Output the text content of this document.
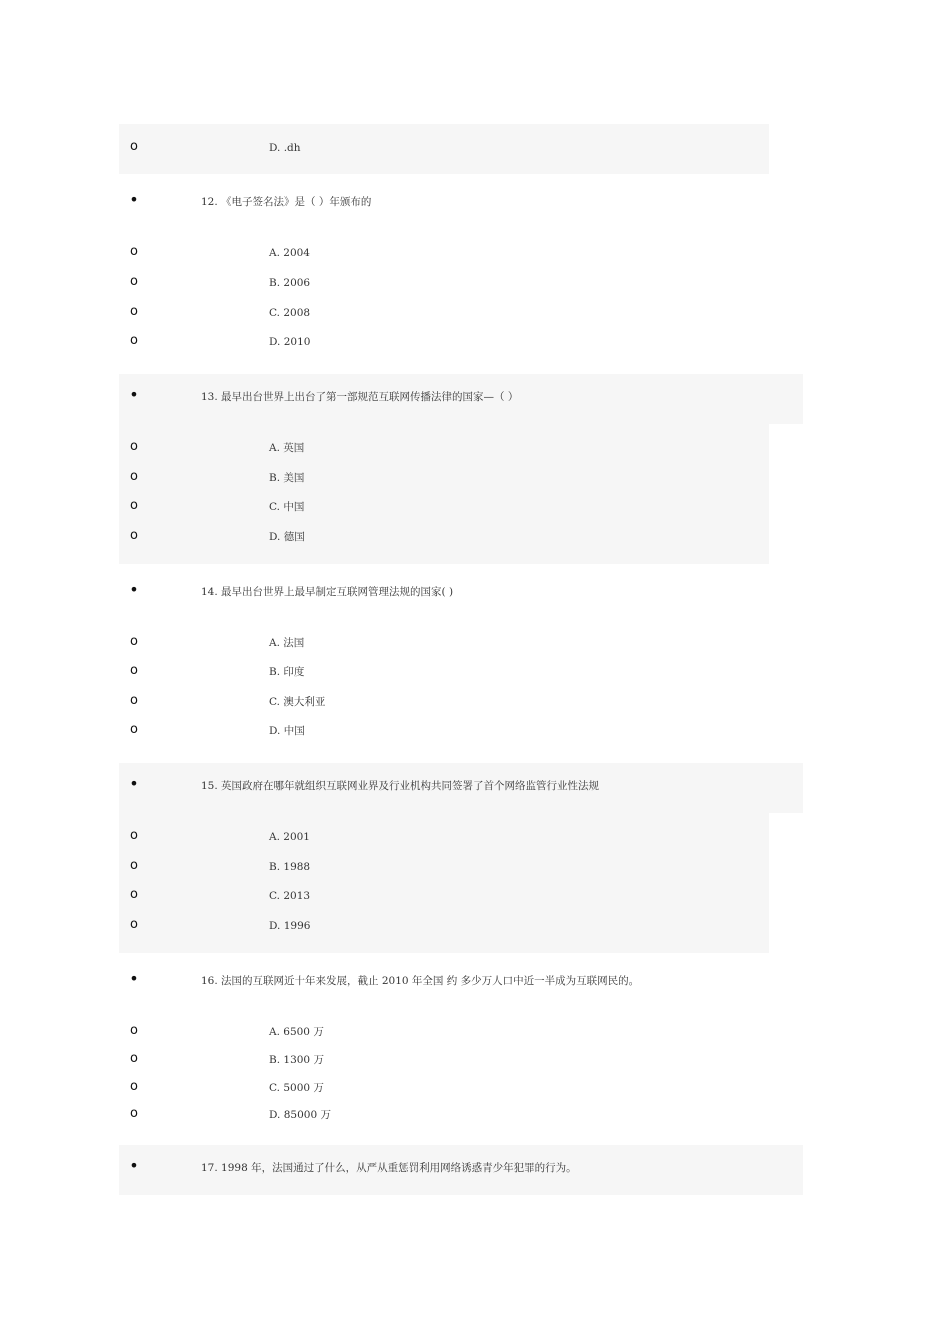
o	D. .dh
•	12. 《电子签名法》是（ ）年颁布的
o	A. 2004
o	B. 2006
o	C. 2008
o	D. 2010
•	13. 最早出台世界上出台了第一部规范互联网传播法律的国家—（ ）
o	A. 英国
o	B. 美国
o	C. 中国
o	D. 德国
•	14. 最早出台世界上最早制定互联网管理法规的国家( )
o	A. 法国
o	B. 印度
o	C. 澳大利亚
o	D. 中国
•	15. 英国政府在哪年就组织互联网业界及行业机构共同签署了首个网络监管行业性法规
o	A. 2001
o	B. 1988
o	C. 2013
o	D. 1996
•	16. 法国的互联网近十年来发展，截止 2010 年全国 约 多少万人口中近一半成为互联网民的。
o	A. 6500 万
o	B. 1300 万
o	C. 5000 万
o	D. 85000 万
•	17. 1998 年，法国通过了什么，从严从重惩罚利用网络诱惑青少年犯罪的行为。
